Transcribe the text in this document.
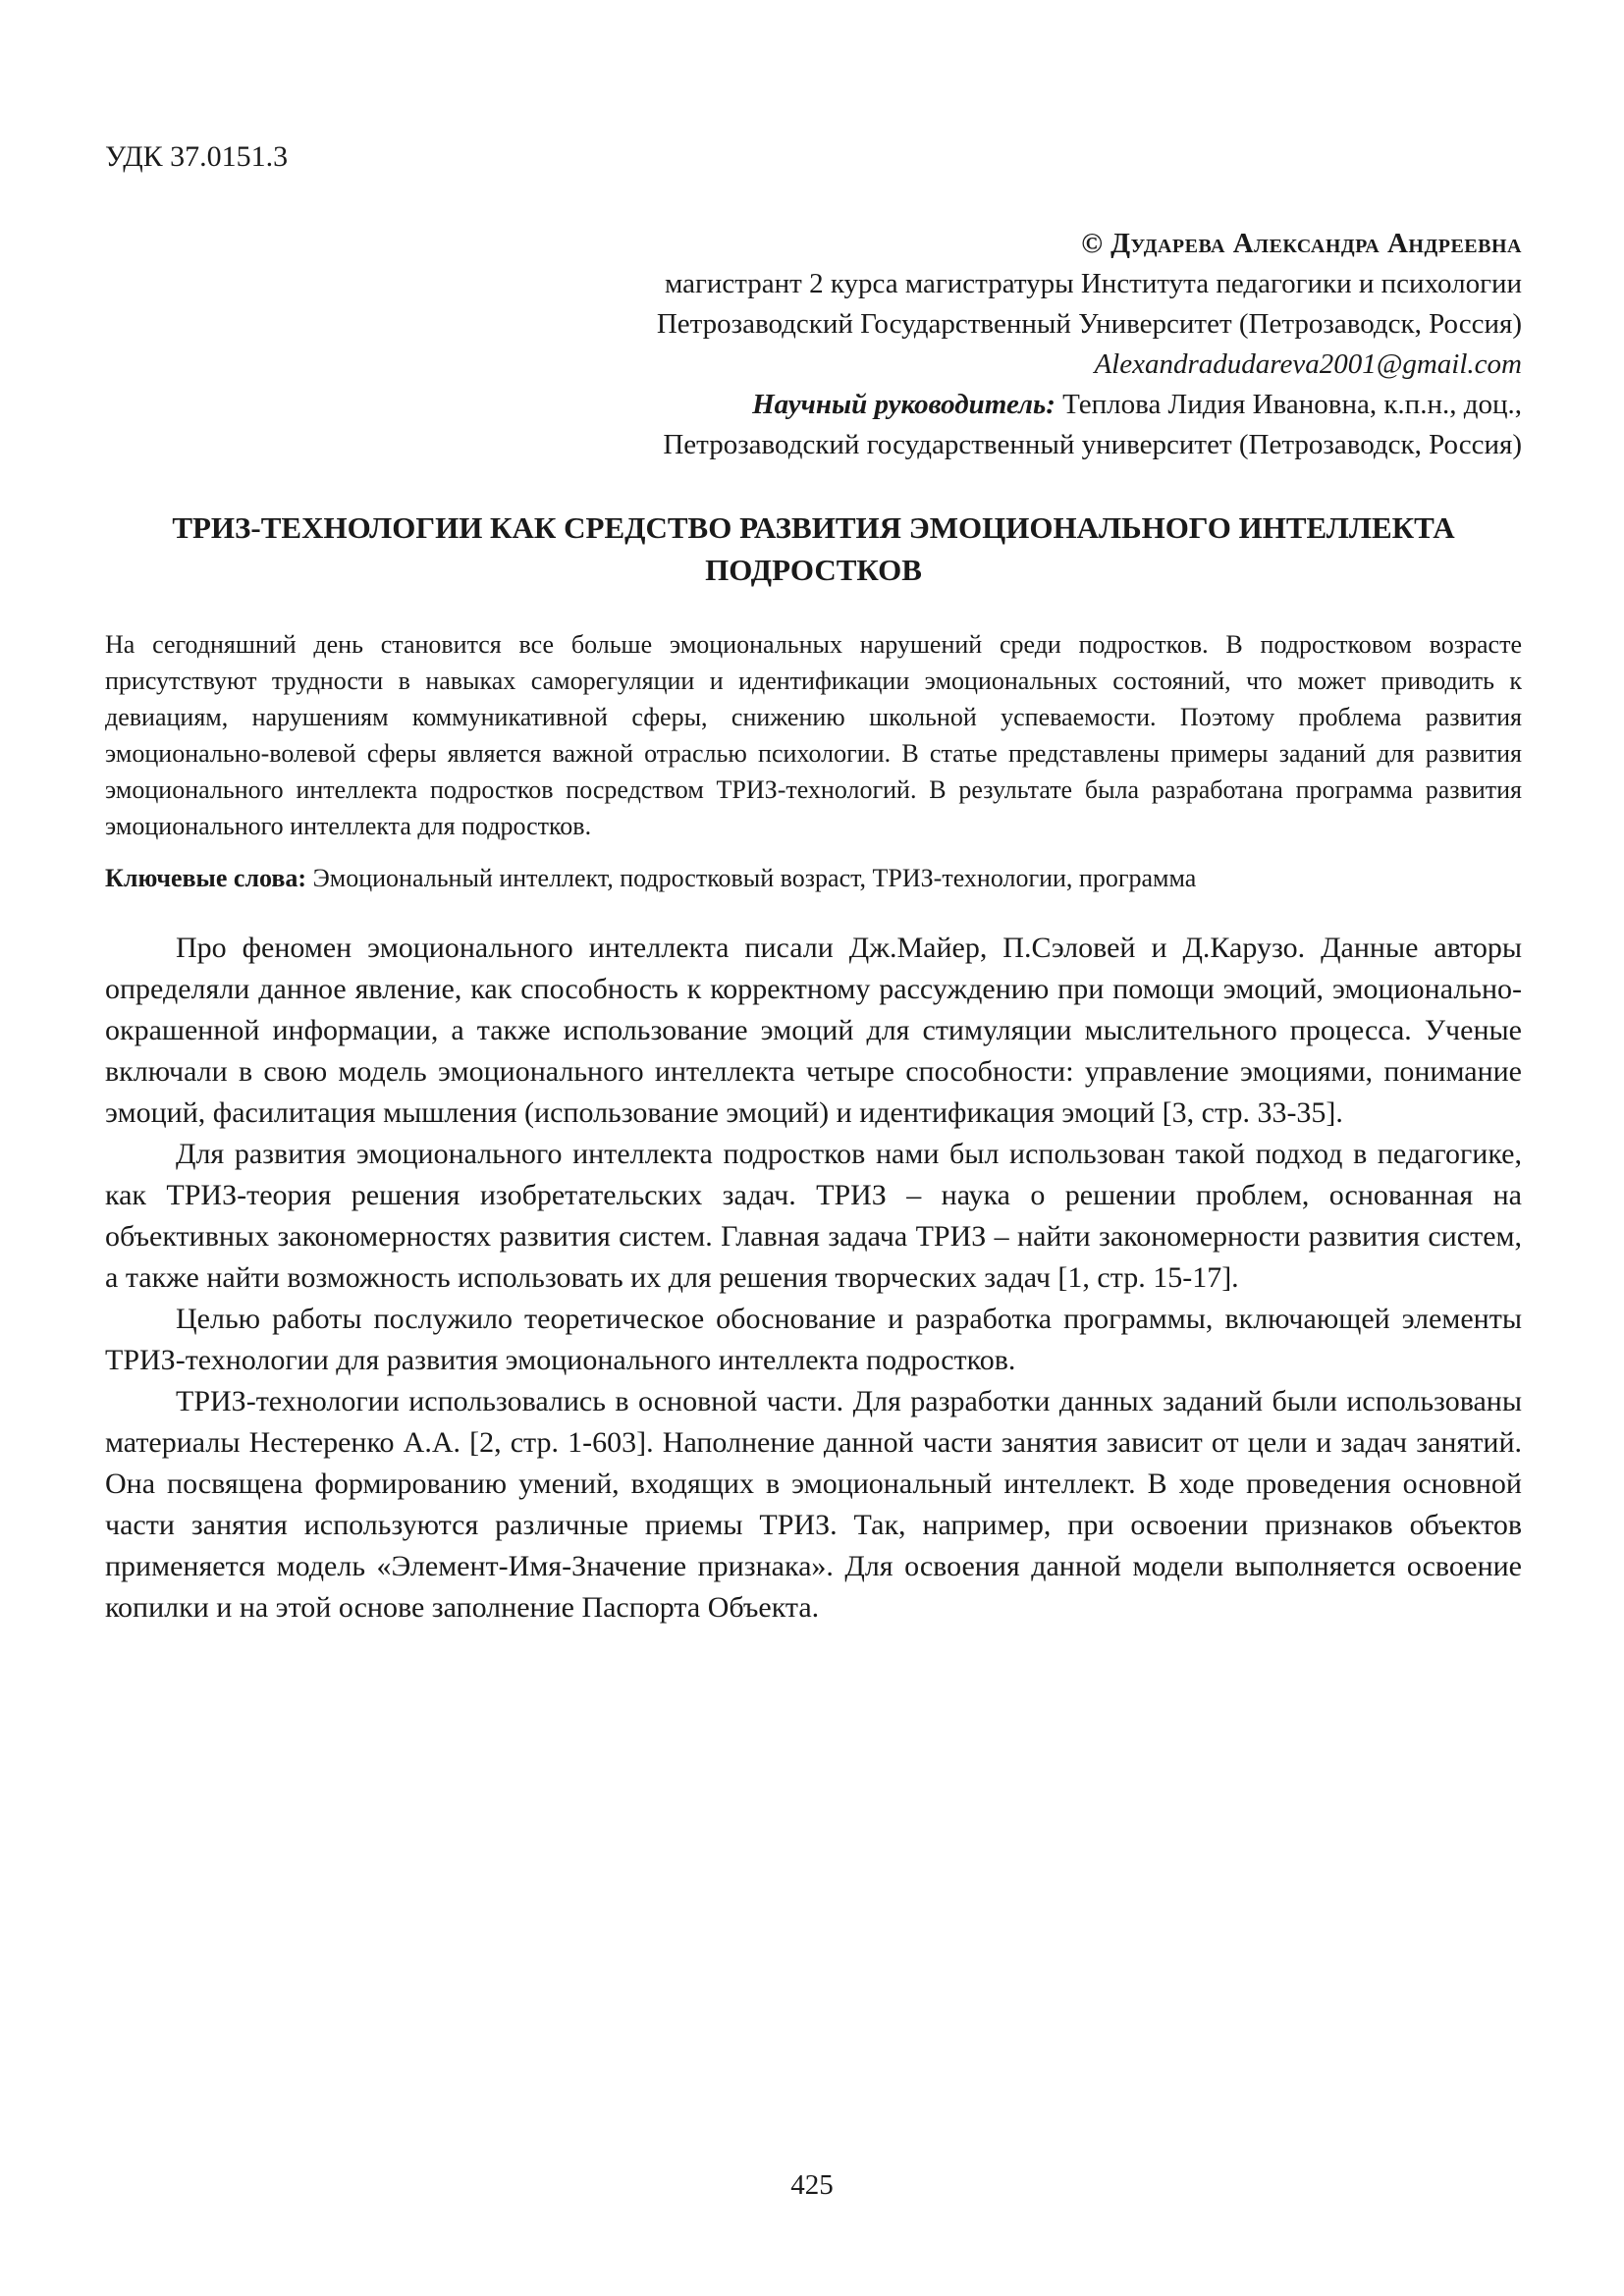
УДК 37.0151.3
© Дударева Александра Андреевна
магистрант 2 курса магистратуры Института педагогики и психологии
Петрозаводский Государственный Университет (Петрозаводск, Россия)
Alexandradudareva2001@gmail.com
Научный руководитель: Теплова Лидия Ивановна, к.п.н., доц.,
Петрозаводский государственный университет (Петрозаводск, Россия)
ТРИЗ-ТЕХНОЛОГИИ КАК СРЕДСТВО РАЗВИТИЯ ЭМОЦИОНАЛЬНОГО ИНТЕЛЛЕКТА ПОДРОСТКОВ
На сегодняшний день становится все больше эмоциональных нарушений среди подростков. В подростковом возрасте присутствуют трудности в навыках саморегуляции и идентификации эмоциональных состояний, что может приводить к девиациям, нарушениям коммуникативной сферы, снижению школьной успеваемости. Поэтому проблема развития эмоционально-волевой сферы является важной отраслью психологии. В статье представлены примеры заданий для развития эмоционального интеллекта подростков посредством ТРИЗ-технологий. В результате была разработана программа развития эмоционального интеллекта для подростков.
Ключевые слова: Эмоциональный интеллект, подростковый возраст, ТРИЗ-технологии, программа

Про феномен эмоционального интеллекта писали Дж.Майер, П.Сэловей и Д.Карузо. Данные авторы определяли данное явление, как способность к корректному рассуждению при помощи эмоций, эмоционально-окрашенной информации, а также использование эмоций для стимуляции мыслительного процесса. Ученые включали в свою модель эмоционального интеллекта четыре способности: управление эмоциями, понимание эмоций, фасилитация мышления (использование эмоций) и идентификация эмоций [3, стр. 33-35].

Для развития эмоционального интеллекта подростков нами был использован такой подход в педагогике, как ТРИЗ-теория решения изобретательских задач. ТРИЗ – наука о решении проблем, основанная на объективных закономерностях развития систем. Главная задача ТРИЗ – найти закономерности развития систем, а также найти возможность использовать их для решения творческих задач [1, стр. 15-17].

Целью работы послужило теоретическое обоснование и разработка программы, включающей элементы ТРИЗ-технологии для развития эмоционального интеллекта подростков.

ТРИЗ-технологии использовались в основной части. Для разработки данных заданий были использованы материалы Нестеренко А.А. [2, стр. 1-603]. Наполнение данной части занятия зависит от цели и задач занятий. Она посвящена формированию умений, входящих в эмоциональный интеллект. В ходе проведения основной части занятия используются различные приемы ТРИЗ. Так, например, при освоении признаков объектов применяется модель «Элемент-Имя-Значение признака». Для освоения данной модели выполняется освоение копилки и на этой основе заполнение Паспорта Объекта.

425
